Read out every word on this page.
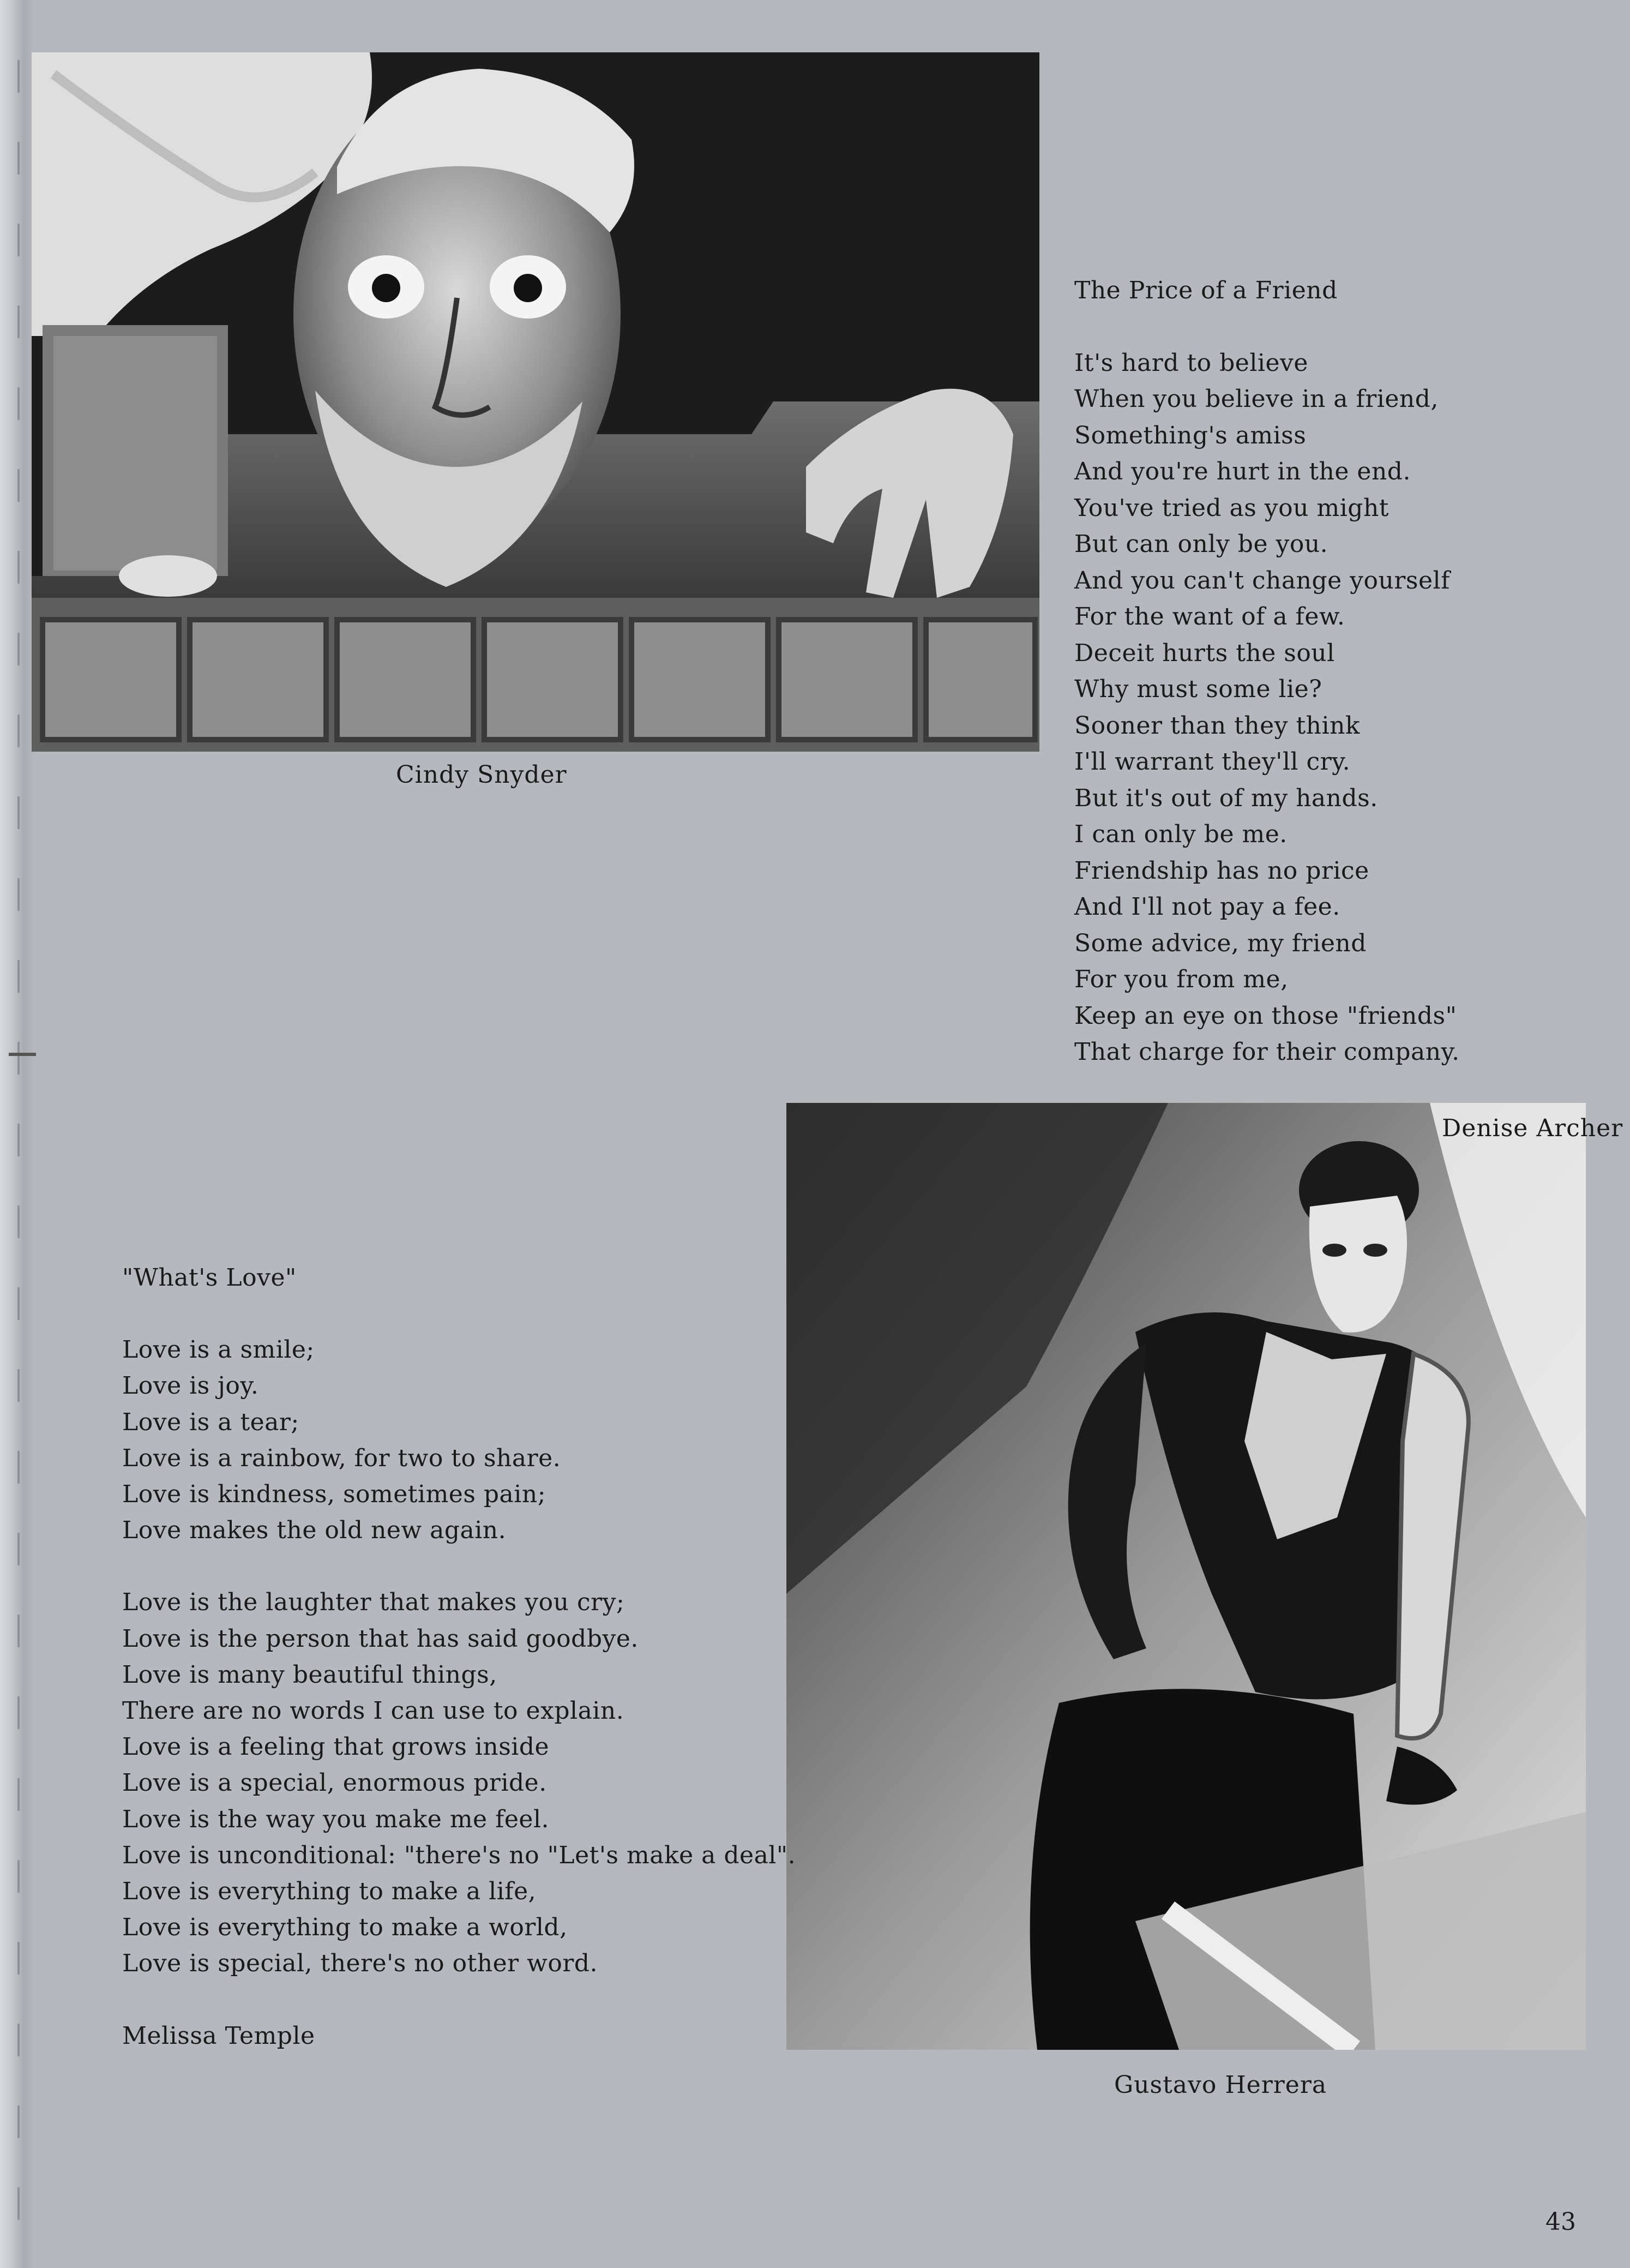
Cindy Snyder
The Price of a Friend
It's hard to believe
When you believe in a friend,
Something's amiss
And you're hurt in the end.
You've tried as you might
But can only be you.
And you can't change yourself
For the want of a few.
Deceit hurts the soul
Why must some lie?
Sooner than they think
I'll warrant they'll cry.
But it's out of my hands.
I can only be me.
Friendship has no price
And I'll not pay a fee.
Some advice, my friend
For you from me,
Keep an eye on those "friends"
That charge for their company.
Denise Archer
Gustavo Herrera
"What's Love"
Love is a smile;
Love is joy.
Love is a tear;
Love is a rainbow, for two to share.
Love is kindness, sometimes pain;
Love makes the old new again.
Love is the laughter that makes you cry;
Love is the person that has said goodbye.
Love is many beautiful things,
There are no words I can use to explain.
Love is a feeling that grows inside
Love is a special, enormous pride.
Love is the way you make me feel.
Love is unconditional: "there's no "Let's make a deal".
Love is everything to make a life,
Love is everything to make a world,
Love is special, there's no other word.
Melissa Temple
43
